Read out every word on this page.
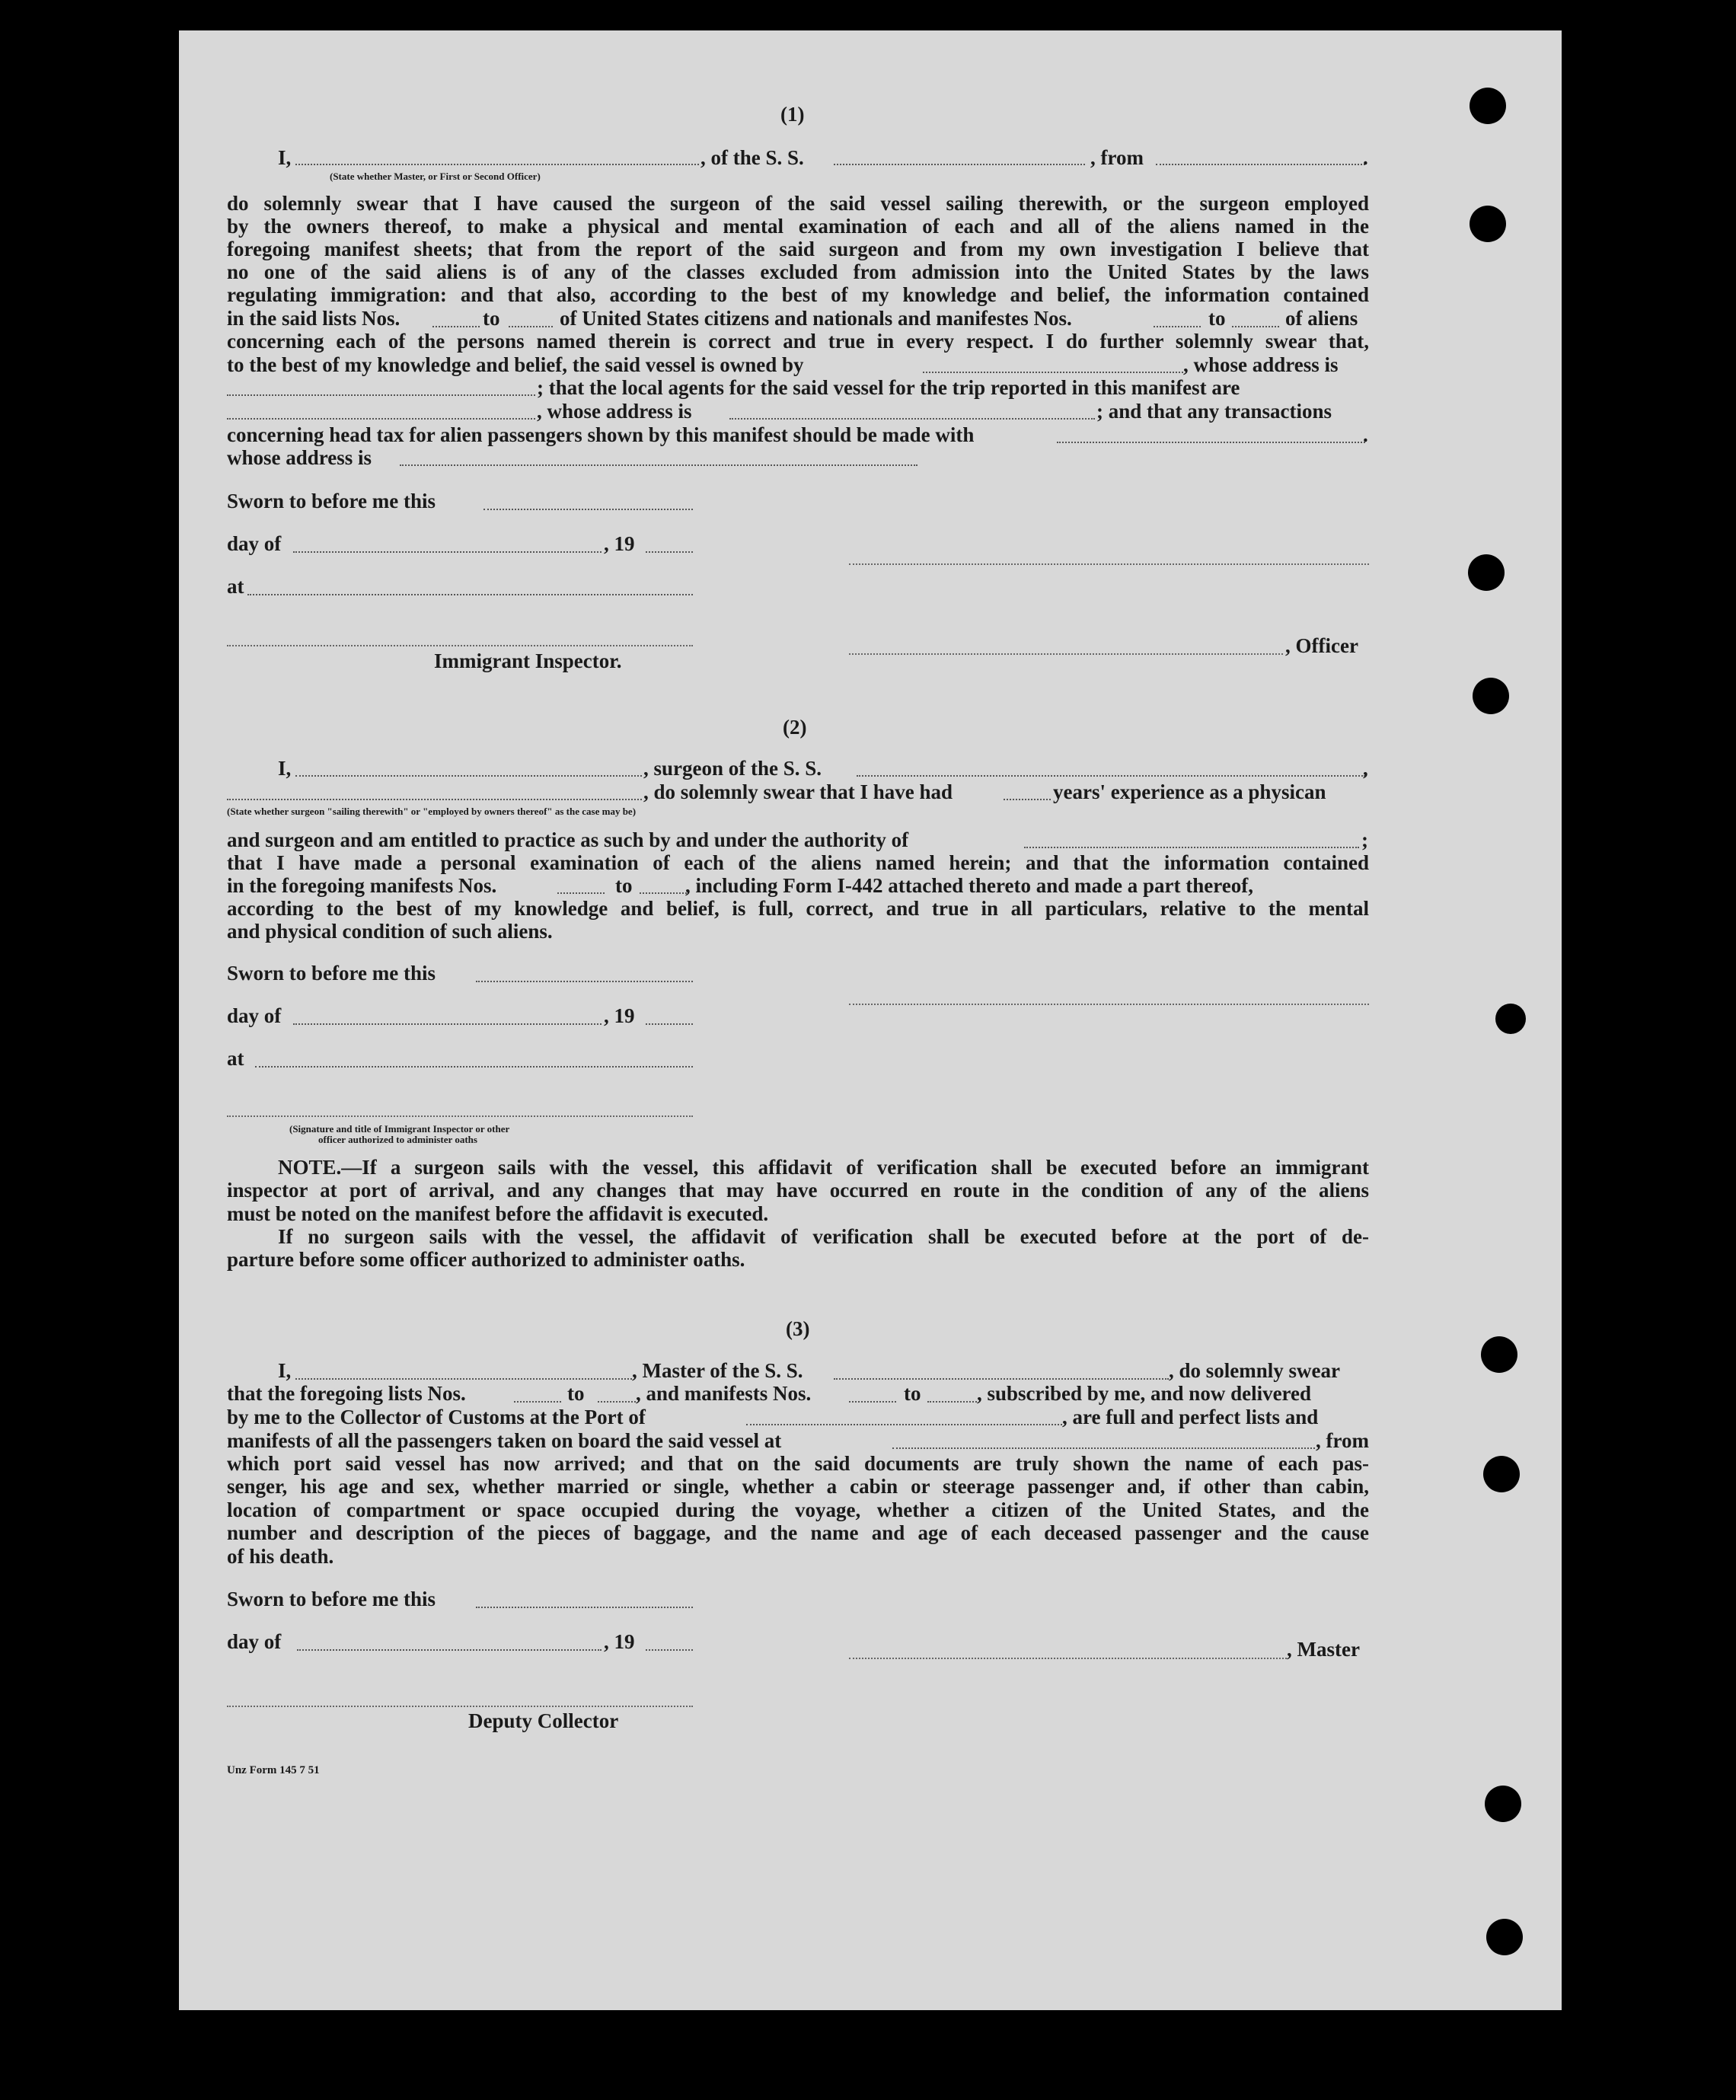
(1)
I,
(State whether Master, or First or Second Officer)
, of the S. S.	, from	.
do solemnly swear that I have caused the surgeon of the said vessel sailing therewith, or the surgeon employed
by the owners thereof, to make a physical and mental examination of each and all of the aliens named in the
foregoing manifest sheets; that from the report of the said surgeon and from my own investigation I believe that
no one of the said aliens is of any of the classes excluded from admission into the United States by the laws
regulating immigration: and that also, according to the best of my knowledge and belief, the information contained
in the said lists Nos.	to	of United States citizens and nationals and manifestes Nos.	to	of aliens
concerning each of the persons named therein is correct and true in every respect. I do further solemnly swear that,
to the best of my knowledge and belief, the said vessel is owned by	, whose address is
; that the local agents for the said vessel for the trip reported in this manifest are
, whose address is	; and that any transactions
concerning head tax for alien passengers shown by this manifest should be made with	.
whose address is
Sworn to before me this
day of	, 19
at
, Officer
Immigrant Inspector.
(2)
I,	, surgeon of the S. S.	,
, do solemnly swear that I have had	years' experience as a physican
(State whether surgeon "sailing therewith" or "employed by owners thereof" as the case may be)
and surgeon and am entitled to practice as such by and under the authority of	;
that I have made a personal examination of each of the aliens named herein; and that the information contained
in the foregoing manifests Nos.	to	, including Form I-442 attached thereto and made a part thereof,
according to the best of my knowledge and belief, is full, correct, and true in all particulars, relative to the mental
and physical condition of such aliens.
Sworn to before me this
day of	, 19
at
(Signature and title of Immigrant Inspector or other
officer authorized to administer oaths
NOTE.—If a surgeon sails with the vessel, this affidavit of verification shall be executed before an immigrant
inspector at port of arrival, and any changes that may have occurred en route in the condition of any of the aliens
must be noted on the manifest before the affidavit is executed.
If no surgeon sails with the vessel, the affidavit of verification shall be executed before at the port of de-
parture before some officer authorized to administer oaths.
(3)
I,	, Master of the S. S.	, do solemnly swear
that the foregoing lists Nos.	to	, and manifests Nos.	to	, subscribed by me, and now delivered
by me to the Collector of Customs at the Port of	, are full and perfect lists and
manifests of all the passengers taken on board the said vessel at	, from
which port said vessel has now arrived; and that on the said documents are truly shown the name of each pas-
senger, his age and sex, whether married or single, whether a cabin or steerage passenger and, if other than cabin,
location of compartment or space occupied during the voyage, whether a citizen of the United States, and the
number and description of the pieces of baggage, and the name and age of each deceased passenger and the cause
of his death.
Sworn to before me this
day of	, 19	, Master
Deputy Collector
Unz Form 145 7 51
